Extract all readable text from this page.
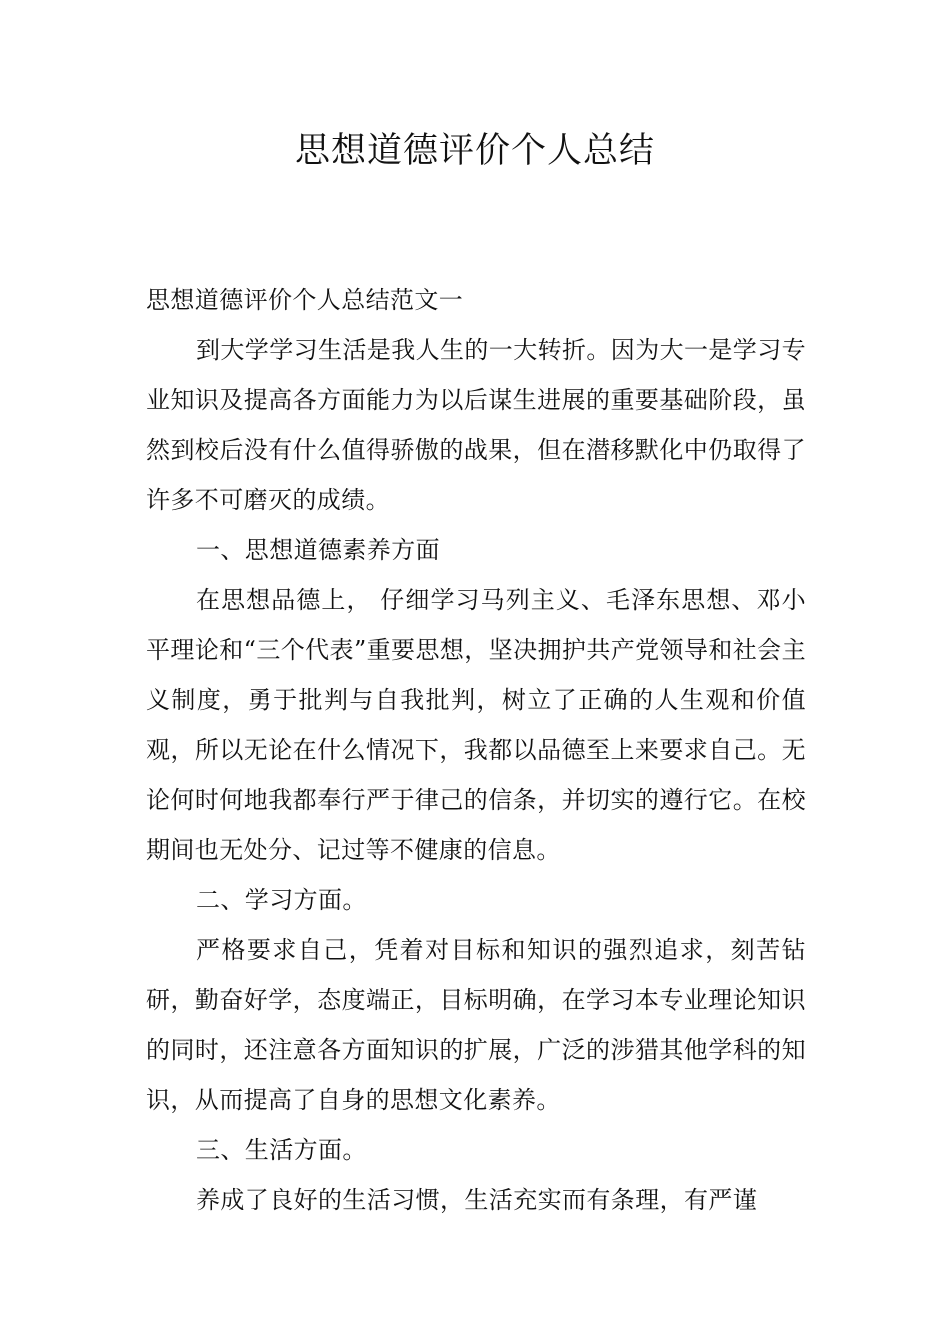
思想道德评价个人总结

思想道德评价个人总结范文一

到大学学习生活是我人生的一大转折。因为大一是学习专业知识及提高各方面能力为以后谋生进展的重要基础阶段，虽然到校后没有什么值得骄傲的战果，但在潜移默化中仍取得了许多不可磨灭的成绩。

一、思想道德素养方面

在思想品德上， 仔细学习马列主义、毛泽东思想、邓小平理论和“三个代表”重要思想，坚决拥护共产党领导和社会主义制度，勇于批判与自我批判，树立了正确的人生观和价值观，所以无论在什么情况下，我都以品德至上来要求自己。无论何时何地我都奉行严于律己的信条，并切实的遵行它。在校期间也无处分、记过等不健康的信息。

二、学习方面。

严格要求自己，凭着对目标和知识的强烈追求，刻苦钻研，勤奋好学，态度端正，目标明确，在学习本专业理论知识的同时，还注意各方面知识的扩展，广泛的涉猎其他学科的知识，从而提高了自身的思想文化素养。

三、生活方面。

养成了良好的生活习惯，生活充实而有条理，有严谨
